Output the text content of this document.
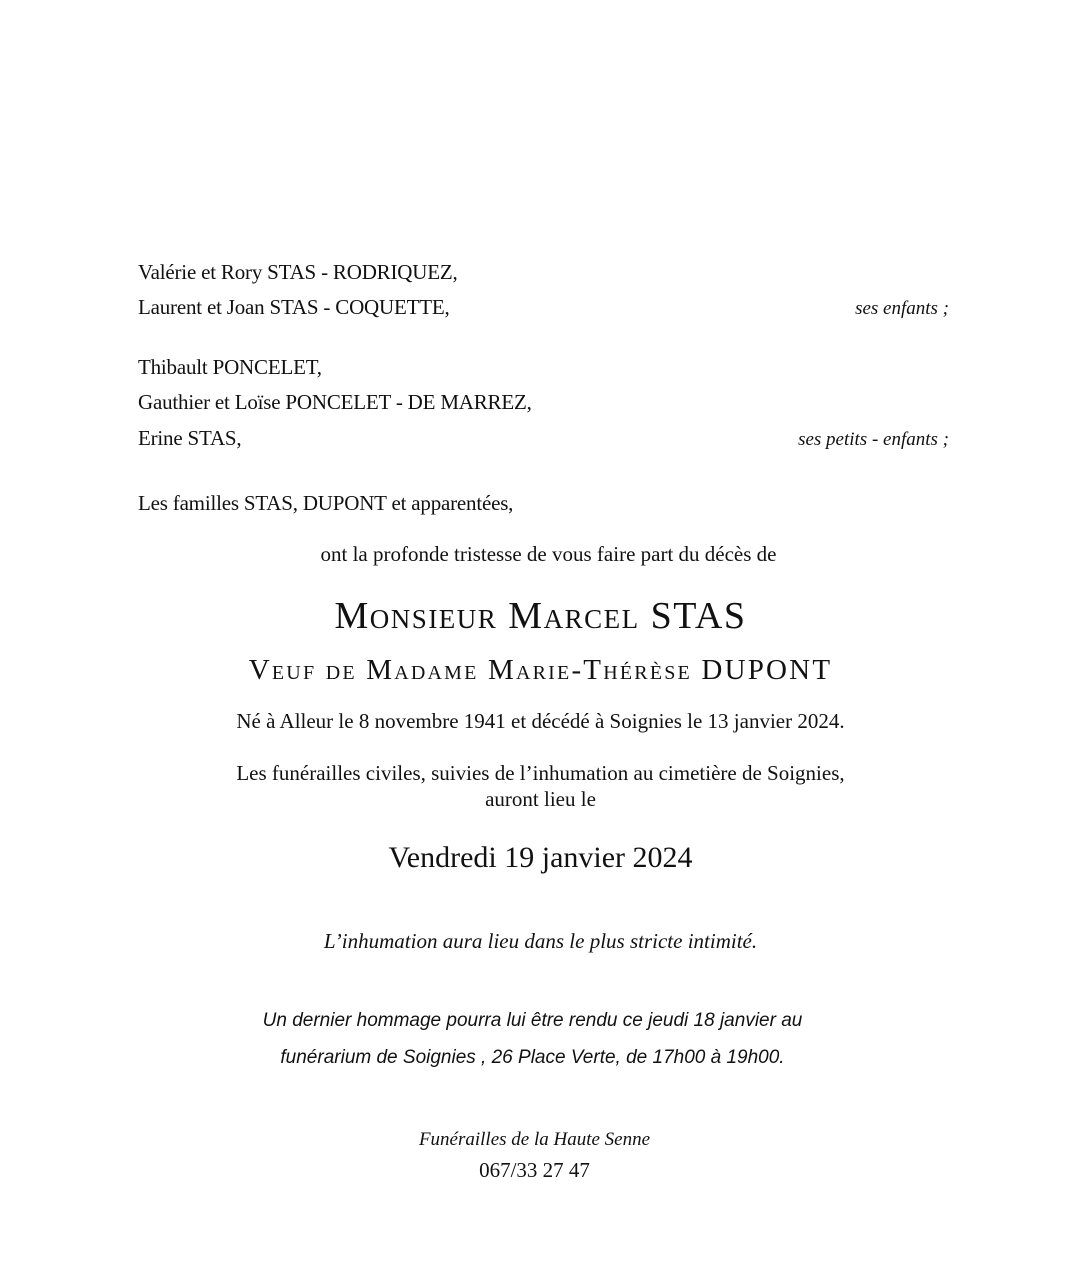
Valérie et Rory STAS - RODRIQUEZ,
Laurent et Joan STAS - COQUETTE,	ses enfants ;
Thibault PONCELET,
Gauthier et Loïse PONCELET - DE MARREZ,
Erine STAS,	ses petits - enfants ;
Les familles STAS, DUPONT et apparentées,
ont la profonde tristesse de vous faire part du décès de
Monsieur Marcel STAS
Veuf de Madame Marie-Thérèse DUPONT
Né à Alleur le 8 novembre 1941 et décédé à Soignies le 13 janvier 2024.
Les funérailles civiles, suivies de l’inhumation au cimetière de Soignies,
auront lieu le
Vendredi 19 janvier 2024
L’inhumation aura lieu dans le plus stricte intimité.
Un dernier hommage pourra lui être rendu ce jeudi 18 janvier au
funérarium de Soignies , 26 Place Verte, de 17h00 à 19h00.
Funérailles de la Haute Senne
067/33 27 47
